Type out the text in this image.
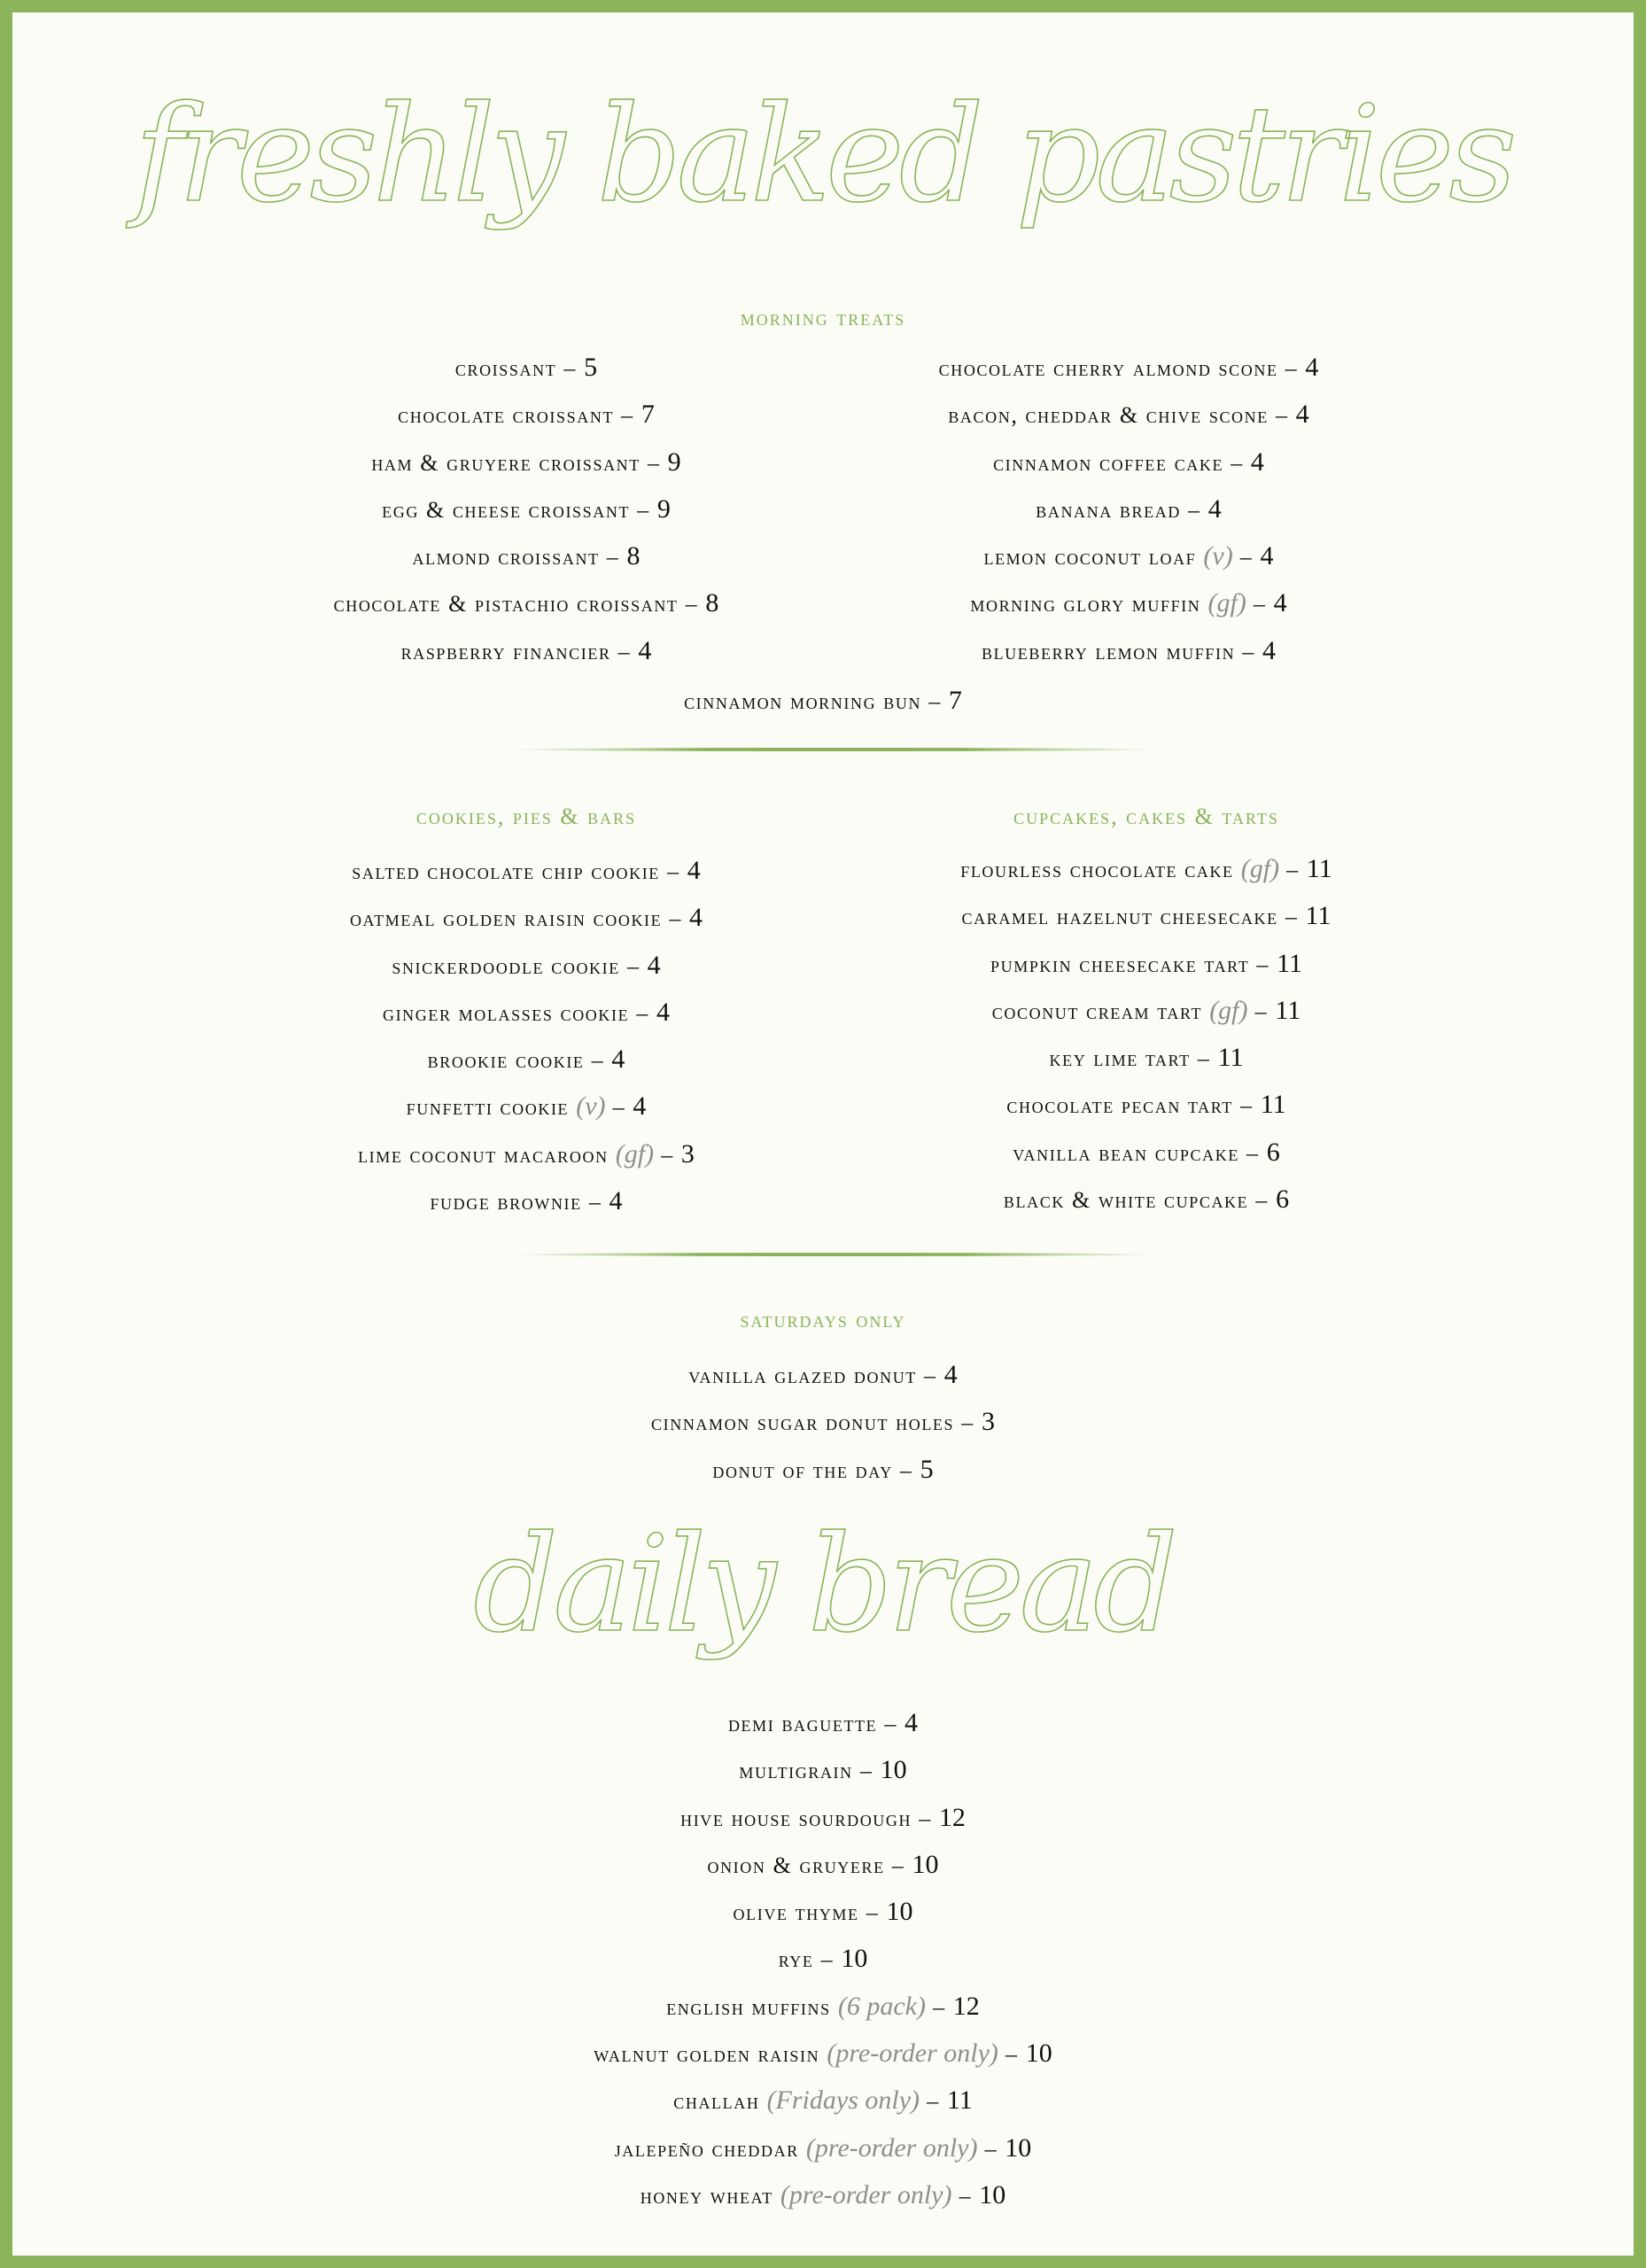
freshly baked pastries
morning treats
croissant – 5
chocolate croissant – 7
ham & gruyere croissant – 9
egg & cheese croissant – 9
almond croissant – 8
chocolate & pistachio croissant – 8
raspberry financier – 4
chocolate cherry almond scone – 4
bacon, cheddar & chive scone – 4
cinnamon coffee cake – 4
banana bread – 4
lemon coconut loaf (v) – 4
morning glory muffin (gf) – 4
blueberry lemon muffin – 4
cinnamon morning bun – 7
cookies, pies & bars	cupcakes, cakes & tarts
salted chocolate chip cookie – 4
oatmeal golden raisin cookie – 4
snickerdoodle cookie – 4
ginger molasses cookie – 4
brookie cookie – 4
funfetti cookie (v) – 4
lime coconut macaroon (gf) – 3
fudge brownie – 4
flourless chocolate cake (gf) – 11
caramel hazelnut cheesecake – 11
pumpkin cheesecake tart – 11
coconut cream tart (gf) – 11
key lime tart – 11
chocolate pecan tart – 11
vanilla bean cupcake – 6
black & white cupcake – 6
saturdays only
vanilla glazed donut – 4
cinnamon sugar donut holes – 3
donut of the day – 5
daily bread
demi baguette – 4
multigrain – 10
hive house sourdough – 12
onion & gruyere – 10
olive thyme – 10
rye – 10
english muffins (6 pack) – 12
walnut golden raisin (pre-order only) – 10
challah (Fridays only) – 11
jalepeño cheddar (pre-order only) – 10
honey wheat (pre-order only) – 10
